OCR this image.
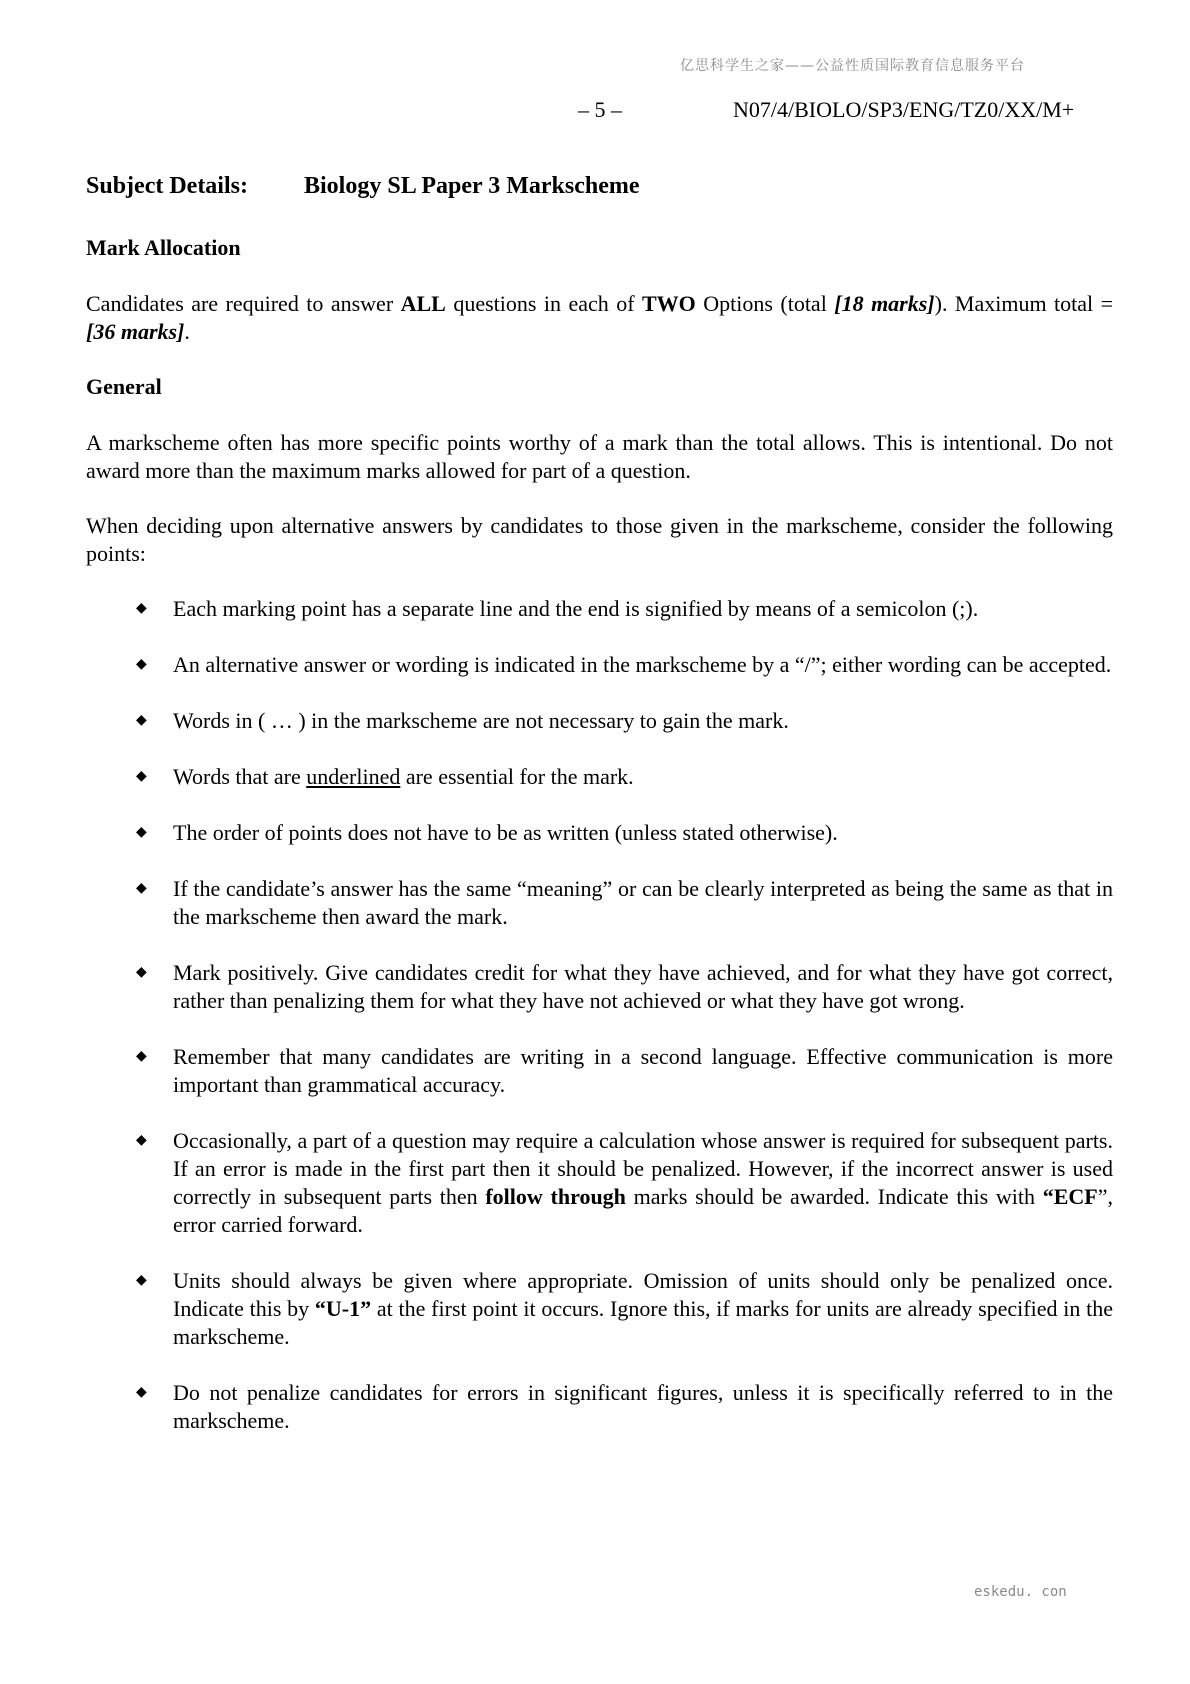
亿思科学生之家——公益性质国际教育信息服务平台
– 5 –	N07/4/BIOLO/SP3/ENG/TZ0/XX/M+
Subject Details:	Biology SL Paper 3 Markscheme
Mark Allocation

Candidates are required to answer ALL questions in each of TWO Options (total [18 marks]). Maximum total = [36 marks].

General

A markscheme often has more specific points worthy of a mark than the total allows. This is intentional. Do not award more than the maximum marks allowed for part of a question.

When deciding upon alternative answers by candidates to those given in the markscheme, consider the following points:

◆ Each marking point has a separate line and the end is signified by means of a semicolon (;).
◆ An alternative answer or wording is indicated in the markscheme by a “/”; either wording can be accepted.
◆ Words in ( … ) in the markscheme are not necessary to gain the mark.
◆ Words that are underlined are essential for the mark.
◆ The order of points does not have to be as written (unless stated otherwise).
◆ If the candidate’s answer has the same “meaning” or can be clearly interpreted as being the same as that in the markscheme then award the mark.
◆ Mark positively. Give candidates credit for what they have achieved, and for what they have got correct, rather than penalizing them for what they have not achieved or what they have got wrong.
◆ Remember that many candidates are writing in a second language. Effective communication is more important than grammatical accuracy.
◆ Occasionally, a part of a question may require a calculation whose answer is required for subsequent parts. If an error is made in the first part then it should be penalized. However, if the incorrect answer is used correctly in subsequent parts then follow through marks should be awarded. Indicate this with “ECF”, error carried forward.
◆ Units should always be given where appropriate. Omission of units should only be penalized once. Indicate this by “U-1” at the first point it occurs. Ignore this, if marks for units are already specified in the markscheme.
◆ Do not penalize candidates for errors in significant figures, unless it is specifically referred to in the markscheme.
eskedu. con
